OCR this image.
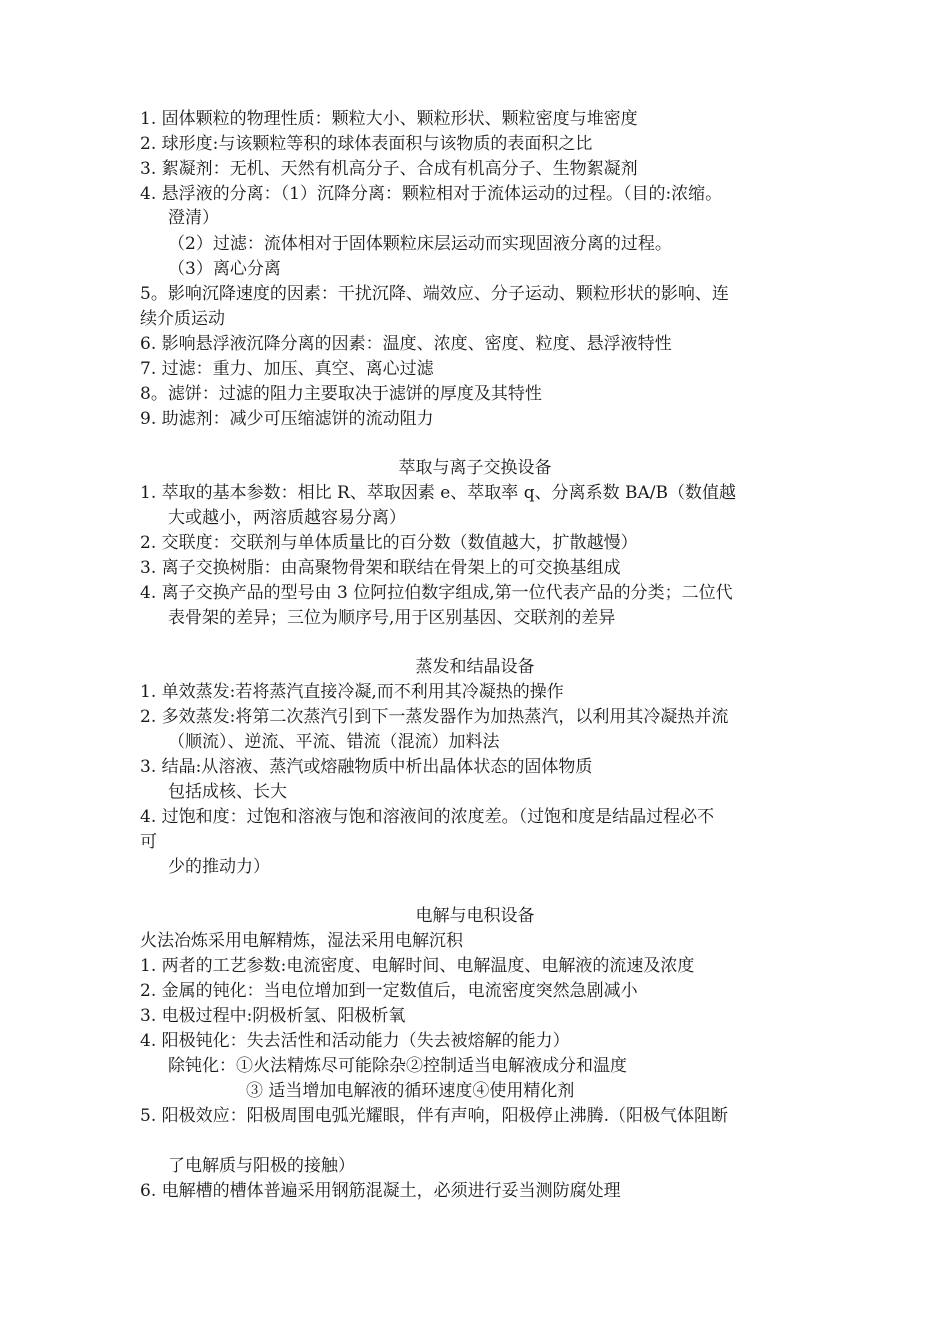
1. 固体颗粒的物理性质：颗粒大小、颗粒形状、颗粒密度与堆密度
2. 球形度:与该颗粒等积的球体表面积与该物质的表面积之比
3. 絮凝剂：无机、天然有机高分子、合成有机高分子、生物絮凝剂
4. 悬浮液的分离：（1）沉降分离：颗粒相对于流体运动的过程。（目的:浓缩。
澄清）
（2）过滤：流体相对于固体颗粒床层运动而实现固液分离的过程。
（3）离心分离
5。影响沉降速度的因素：干扰沉降、端效应、分子运动、颗粒形状的影响、连
续介质运动
6. 影响悬浮液沉降分离的因素：温度、浓度、密度、粒度、悬浮液特性
7. 过滤：重力、加压、真空、离心过滤
8。滤饼：过滤的阻力主要取决于滤饼的厚度及其特性
9. 助滤剂：减少可压缩滤饼的流动阻力
萃取与离子交换设备
1. 萃取的基本参数：相比 R、萃取因素 e、萃取率 q、分离系数 BA/B（数值越
大或越小，两溶质越容易分离）
2. 交联度：交联剂与单体质量比的百分数（数值越大，扩散越慢）
3. 离子交换树脂：由高聚物骨架和联结在骨架上的可交换基组成
4. 离子交换产品的型号由 3 位阿拉伯数字组成,第一位代表产品的分类；二位代
表骨架的差异；三位为顺序号,用于区别基因、交联剂的差异
蒸发和结晶设备
1. 单效蒸发:若将蒸汽直接冷凝,而不利用其冷凝热的操作
2. 多效蒸发:将第二次蒸汽引到下一蒸发器作为加热蒸汽，以利用其冷凝热并流
（顺流）、逆流、平流、错流（混流）加料法
3. 结晶:从溶液、蒸汽或熔融物质中析出晶体状态的固体物质
包括成核、长大
4. 过饱和度：过饱和溶液与饱和溶液间的浓度差。（过饱和度是结晶过程必不
可
少的推动力）
电解与电积设备
火法冶炼采用电解精炼，湿法采用电解沉积
1. 两者的工艺参数:电流密度、电解时间、电解温度、电解液的流速及浓度
2. 金属的钝化：当电位增加到一定数值后，电流密度突然急剧减小
3. 电极过程中:阴极析氢、阳极析氧
4. 阳极钝化：失去活性和活动能力（失去被熔解的能力）
除钝化：①火法精炼尽可能除杂②控制适当电解液成分和温度
③ 适当增加电解液的循环速度④使用精化剂
5. 阳极效应：阳极周围电弧光耀眼，伴有声响，阳极停止沸腾.（阳极气体阻断
了电解质与阳极的接触）
6. 电解槽的槽体普遍采用钢筋混凝土，必须进行妥当测防腐处理
